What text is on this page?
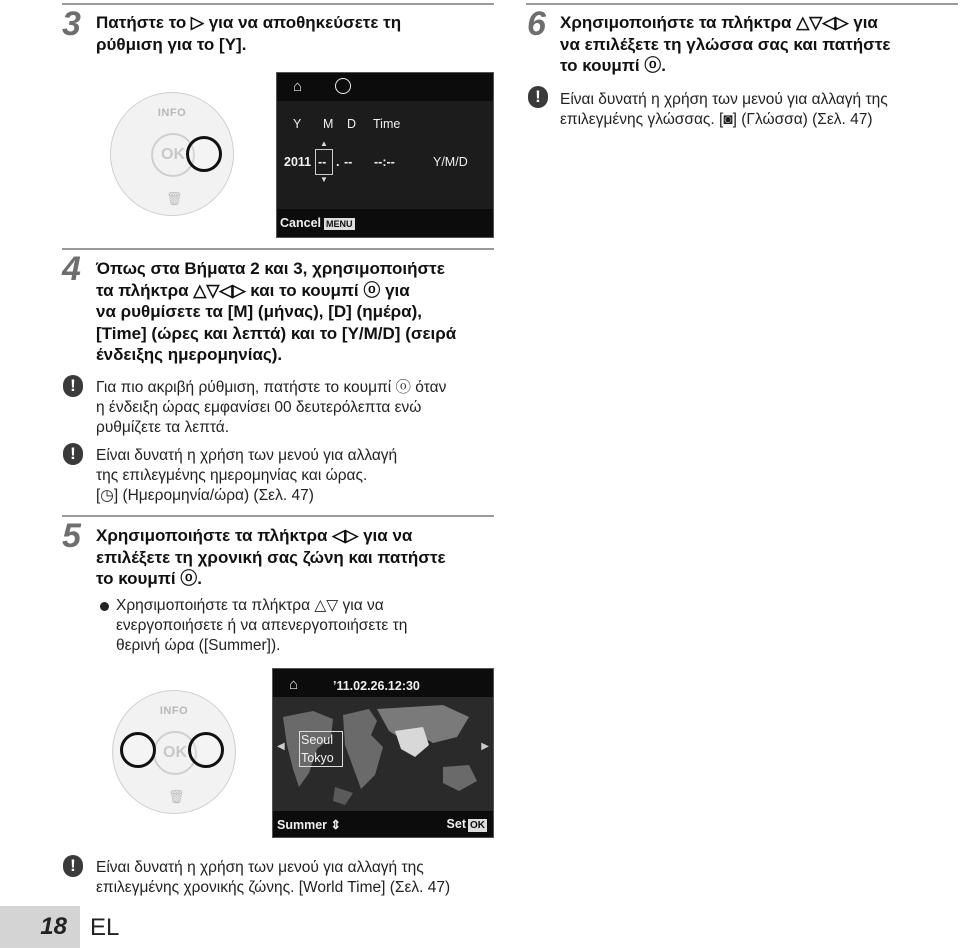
3 Πατήστε το ▷ για να αποθηκεύσετε τη
ρύθμιση για το [Y].
INFO
OK
🗑
⌂
Y M D Time
2011 -- . -- --:--	Y/M/D
▲
▼
Cancel MENU
4 Όπως στα Βήματα 2 και 3, χρησιμοποιήστε
τα πλήκτρα △▽◁▷ και το κουμπί ⓞ για
να ρυθμίσετε τα [M] (μήνας), [D] (ημέρα),
[Time] (ώρες και λεπτά) και το [Y/M/D] (σειρά
ένδειξης ημερομηνίας).
!	Για πιο ακριβή ρύθμιση, πατήστε το κουμπί ⓞ όταν
η ένδειξη ώρας εμφανίσει 00 δευτερόλεπτα ενώ
ρυθμίζετε τα λεπτά.
!	Είναι δυνατή η χρήση των μενού για αλλαγή
της επιλεγμένης ημερομηνίας και ώρας.
[◷] (Ημερομηνία/ώρα) (Σελ. 47)
5 Χρησιμοποιήστε τα πλήκτρα ◁▷ για να
επιλέξετε τη χρονική σας ζώνη και πατήστε
το κουμπί ⓞ.
Χρησιμοποιήστε τα πλήκτρα △▽ για να
ενεργοποιήσετε ή να απενεργοποιήσετε τη
θερινή ώρα ([Summer]).
INFO
OK
🗑
⌂	’11.02.26.12:30
◀	▶
Seoul
Tokyo
Summer ⇕	Set OK
!	Είναι δυνατή η χρήση των μενού για αλλαγή της
επιλεγμένης χρονικής ζώνης. [World Time] (Σελ. 47)
6 Χρησιμοποιήστε τα πλήκτρα △▽◁▷ για
να επιλέξετε τη γλώσσα σας και πατήστε
το κουμπί ⓞ.
!	Είναι δυνατή η χρήση των μενού για αλλαγή της
επιλεγμένης γλώσσας. [◙] (Γλώσσα) (Σελ. 47)
18 EL
